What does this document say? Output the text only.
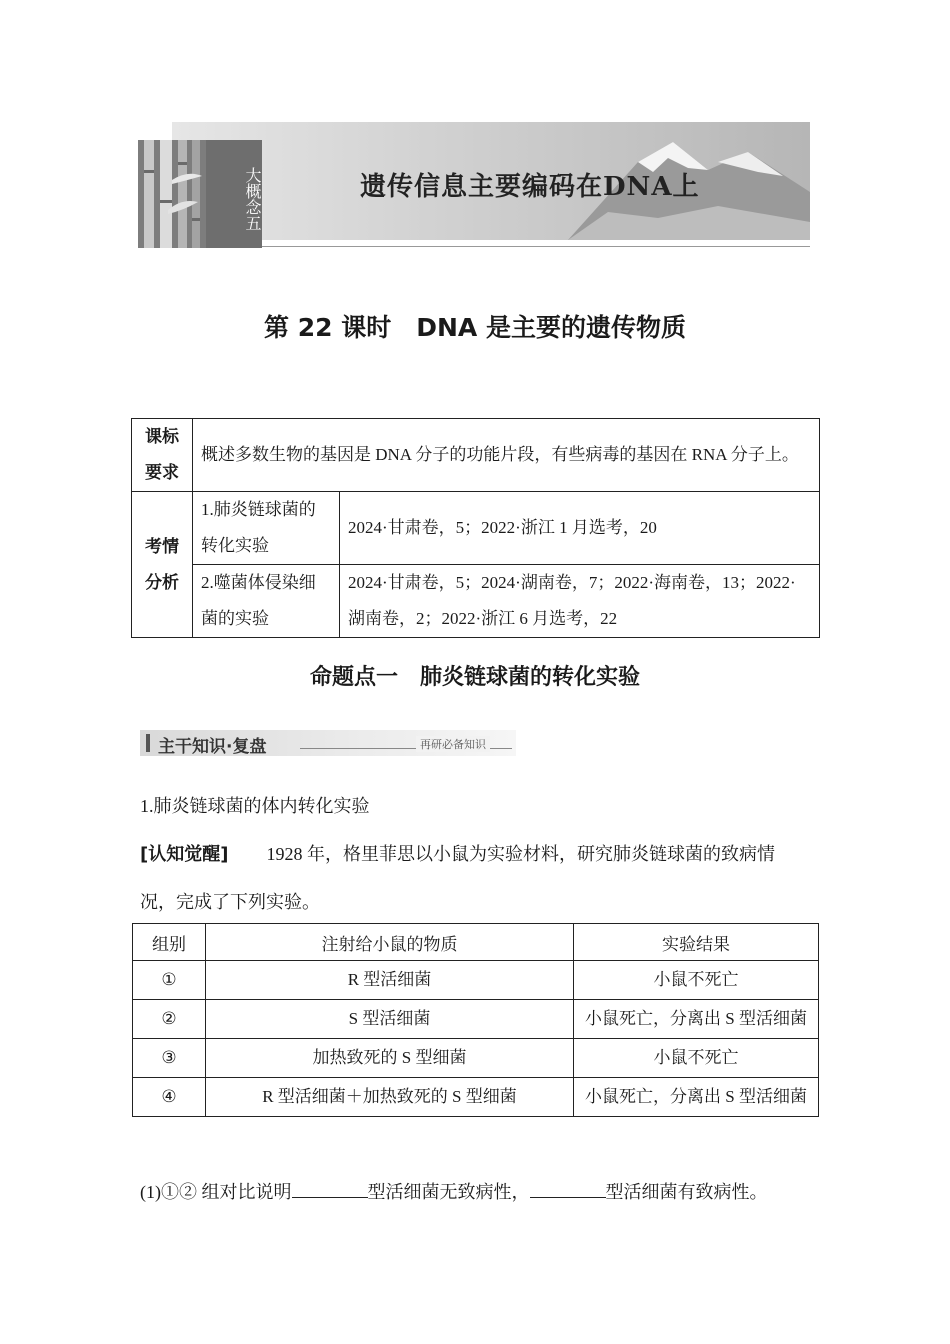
大概念五	遗传信息主要编码在DNA上
第 22 课时　DNA 是主要的遗传物质
课标要求	概述多数生物的基因是 DNA 分子的功能片段，有些病毒的基因在 RNA 分子上。	
考情分析	1.肺炎链球菌的转化实验	2024·甘肃卷，5；2022·浙江 1 月选考，20
	2.噬菌体侵染细菌的实验	2024·甘肃卷，5；2024·湖南卷，7；2022·海南卷，13；2022·湖南卷，2；2022·浙江 6 月选考，22
命题点一　肺炎链球菌的转化实验
主干知识·复盘	再研必备知识
1.肺炎链球菌的体内转化实验
[认知觉醒] 1928 年，格里菲思以小鼠为实验材料，研究肺炎链球菌的致病情
况，完成了下列实验。
组别	注射给小鼠的物质	实验结果
①	R 型活细菌	小鼠不死亡
②	S 型活细菌	小鼠死亡，分离出 S 型活细菌
③	加热致死的 S 型细菌	小鼠不死亡
④	R 型活细菌＋加热致死的 S 型细菌	小鼠死亡，分离出 S 型活细菌
(1)①② 组对比说明	型活细菌无致病性，	型活细菌有致病性。
